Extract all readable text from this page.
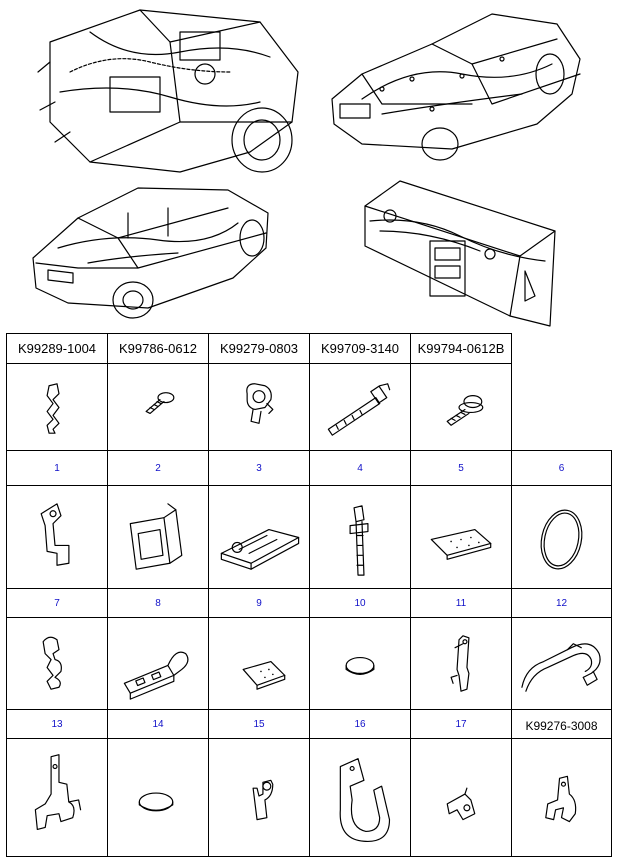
K99289-1004 K99786-0612 K99279-0803 K99709-3140 K99794-0612B
1	2	3	4	5	6
7	8	9	10	11	12
13	14	15	16	17	K99276-3008
